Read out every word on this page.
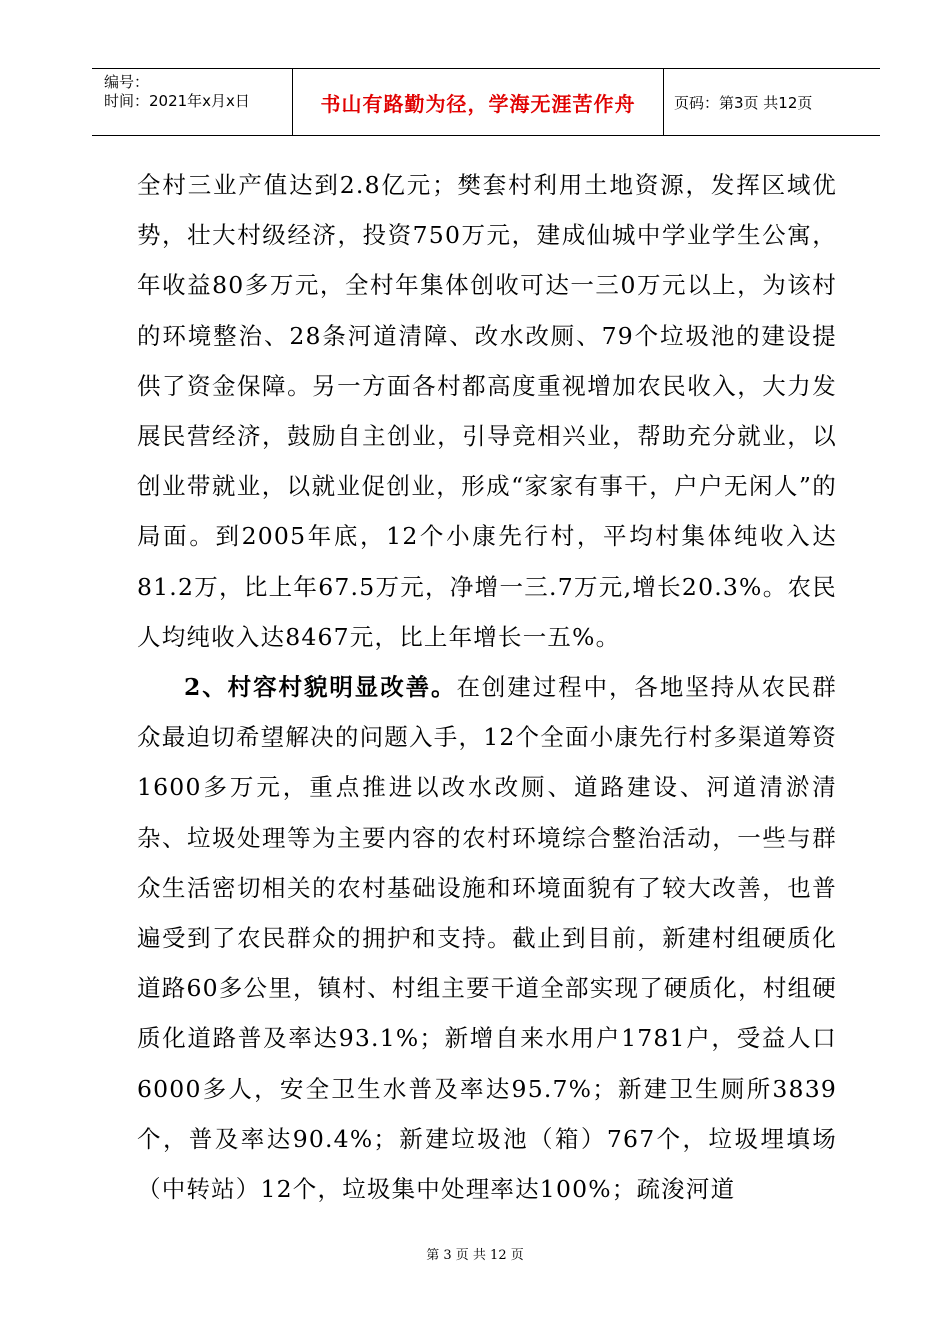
编号：
时间：2021年x月x日	书山有路勤为径，学海无涯苦作舟	页码：第3页 共12页

全村三业产值达到2.8亿元；樊套村利用土地资源，发挥区域优势，壮大村级经济，投资750万元，建成仙城中学业学生公寓，年收益80多万元，全村年集体创收可达一三0万元以上，为该村的环境整治、28条河道清障、改水改厕、79个垃圾池的建设提供了资金保障。另一方面各村都高度重视增加农民收入，大力发展民营经济，鼓励自主创业，引导竞相兴业，帮助充分就业，以创业带就业，以就业促创业，形成“家家有事干，户户无闲人”的局面。到2005年底，12个小康先行村，平均村集体纯收入达81.2万，比上年67.5万元，净增一三.7万元,增长20.3%。农民人均纯收入达8467元，比上年增长一五%。

2、村容村貌明显改善。在创建过程中，各地坚持从农民群众最迫切希望解决的问题入手，12个全面小康先行村多渠道筹资1600多万元，重点推进以改水改厕、道路建设、河道清淤清杂、垃圾处理等为主要内容的农村环境综合整治活动，一些与群众生活密切相关的农村基础设施和环境面貌有了较大改善，也普遍受到了农民群众的拥护和支持。截止到目前，新建村组硬质化道路60多公里，镇村、村组主要干道全部实现了硬质化，村组硬质化道路普及率达93.1%；新增自来水用户1781户，受益人口6000多人，安全卫生水普及率达95.7%；新建卫生厕所3839个，普及率达90.4%；新建垃圾池（箱）767个，垃圾埋填场（中转站）12个，垃圾集中处理率达100%；疏浚河道

第 3 页 共 12 页
